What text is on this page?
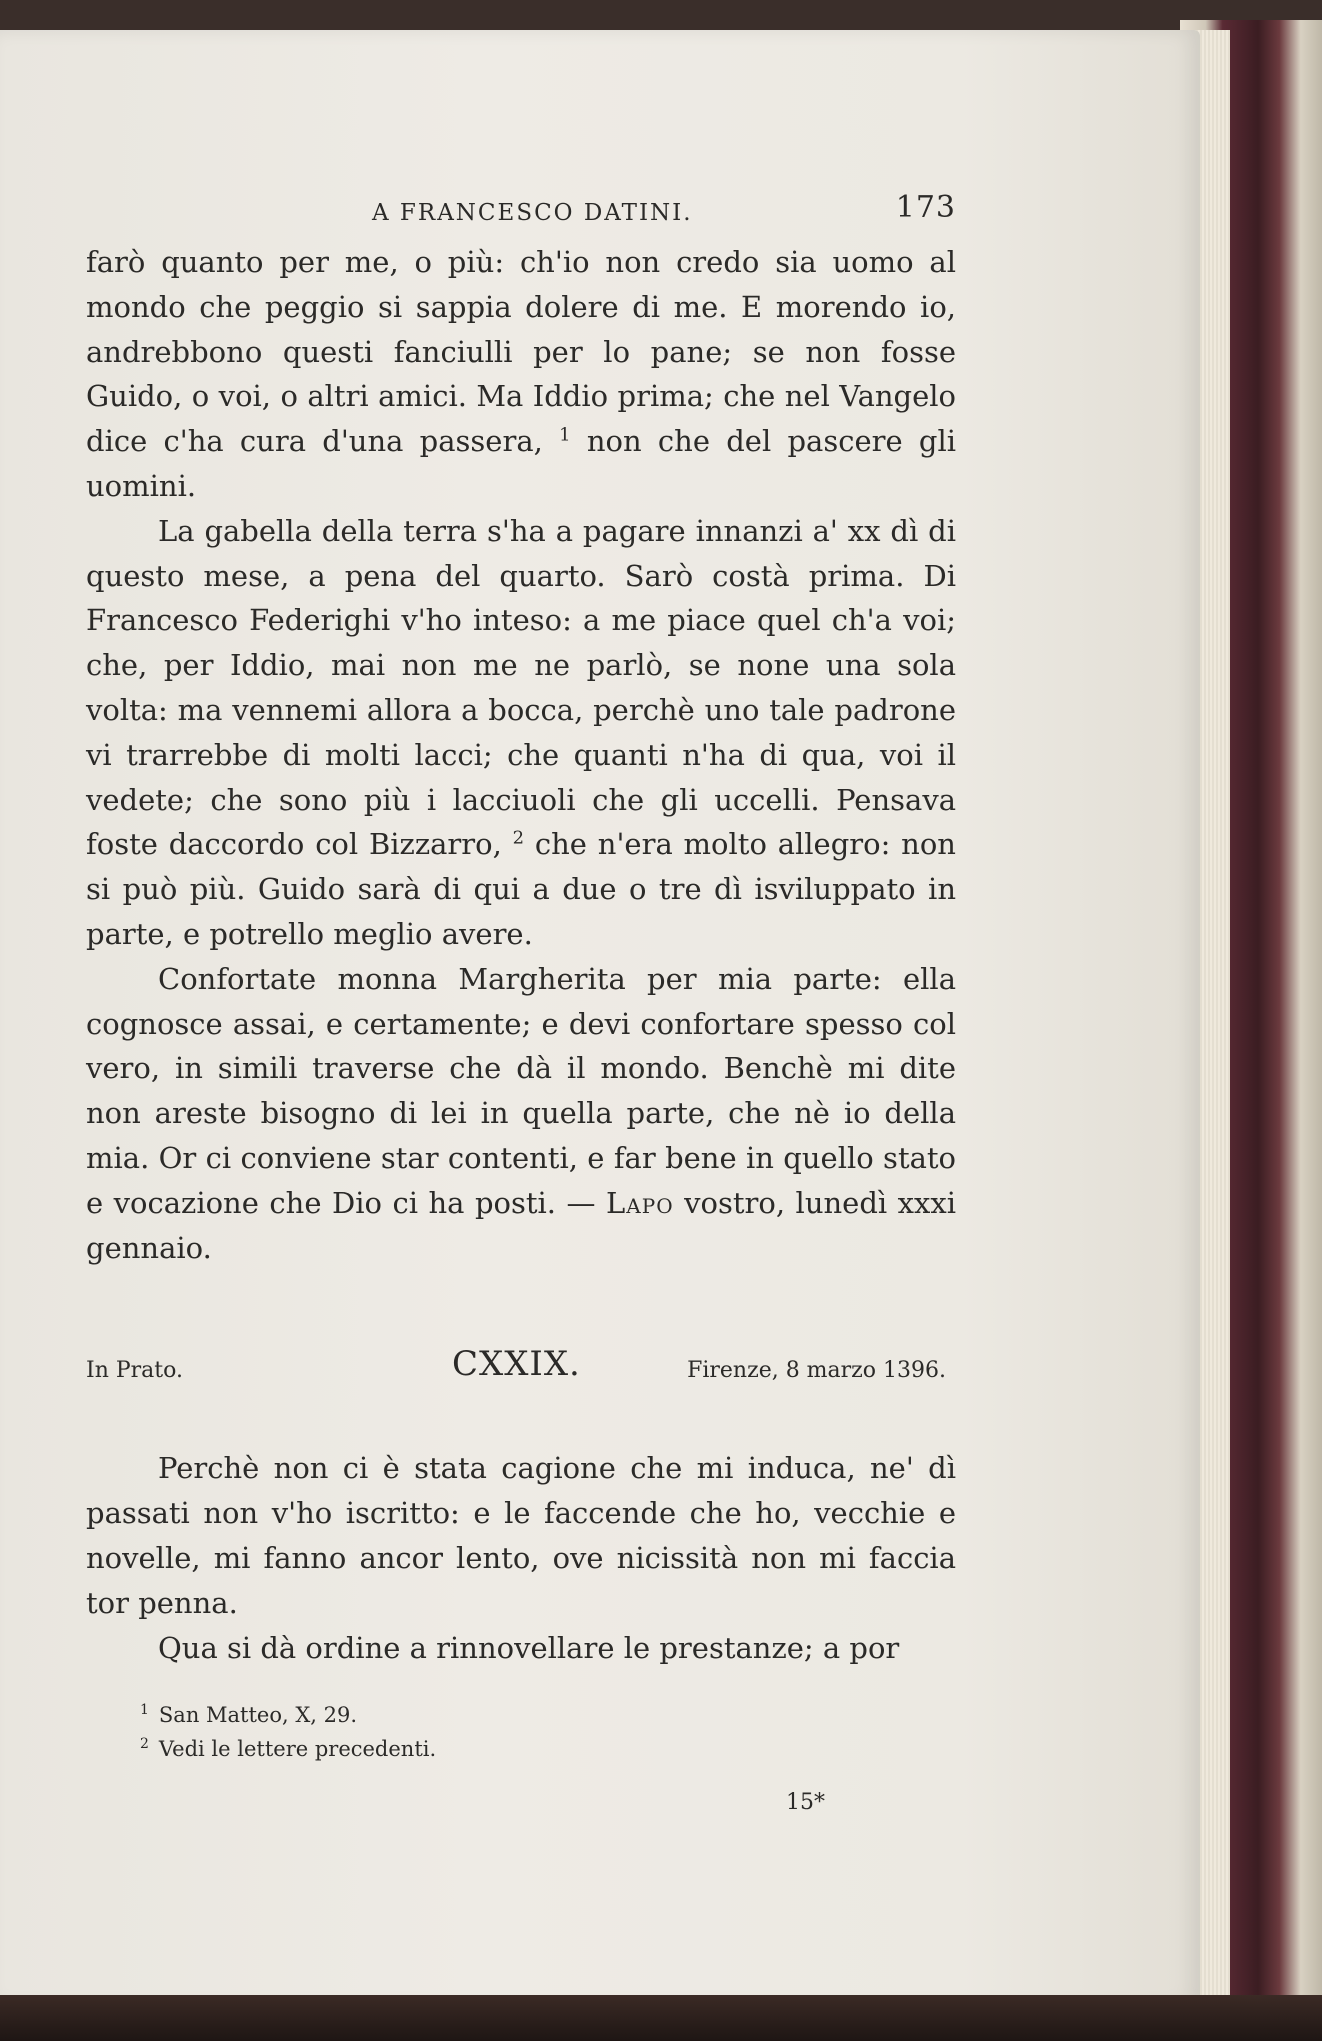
A FRANCESCO DATINI.	173

farò quanto per me, o più: ch'io non credo sia uomo al mondo che peggio si sappia dolere di me. E morendo io, andrebbono questi fanciulli per lo pane; se non fosse Guido, o voi, o altri amici. Ma Iddio prima; che nel Vangelo dice c'ha cura d'una passera, $^1$ non che del pascere gli uomini.

La gabella della terra s'ha a pagare innanzi a' xx dì di questo mese, a pena del quarto. Sarò costà prima. Di Francesco Federighi v'ho inteso: a me piace quel ch'a voi; che, per Iddio, mai non me ne parlò, se none una sola volta: ma vennemi allora a bocca, perchè uno tale padrone vi trarrebbe di molti lacci; che quanti n'ha di qua, voi il vedete; che sono più i lacciuoli che gli uccelli. Pensava foste daccordo col Bizzarro, $^2$ che n'era molto allegro: non si può più. Guido sarà di qui a due o tre dì isviluppato in parte, e potrello meglio avere.

Confortate monna Margherita per mia parte: ella cognosce assai, e certamente; e devi confortare spesso col vero, in simili traverse che dà il mondo. Benchè mi dite non areste bisogno di lei in quella parte, che nè io della mia. Or ci conviene star contenti, e far bene in quello stato e vocazione che Dio ci ha posti. — Lapo vostro, lunedì xxxi gennaio.

In Prato.	CXXIX.	Firenze, 8 marzo 1396.

Perchè non ci è stata cagione che mi induca, ne' dì passati non v'ho iscritto: e le faccende che ho, vecchie e novelle, mi fanno ancor lento, ove nicissità non mi faccia tor penna.

Qua si dà ordine a rinnovellare le prestanze; a por

$^1$ San Matteo, X, 29.
$^2$ Vedi le lettere precedenti.
15*
